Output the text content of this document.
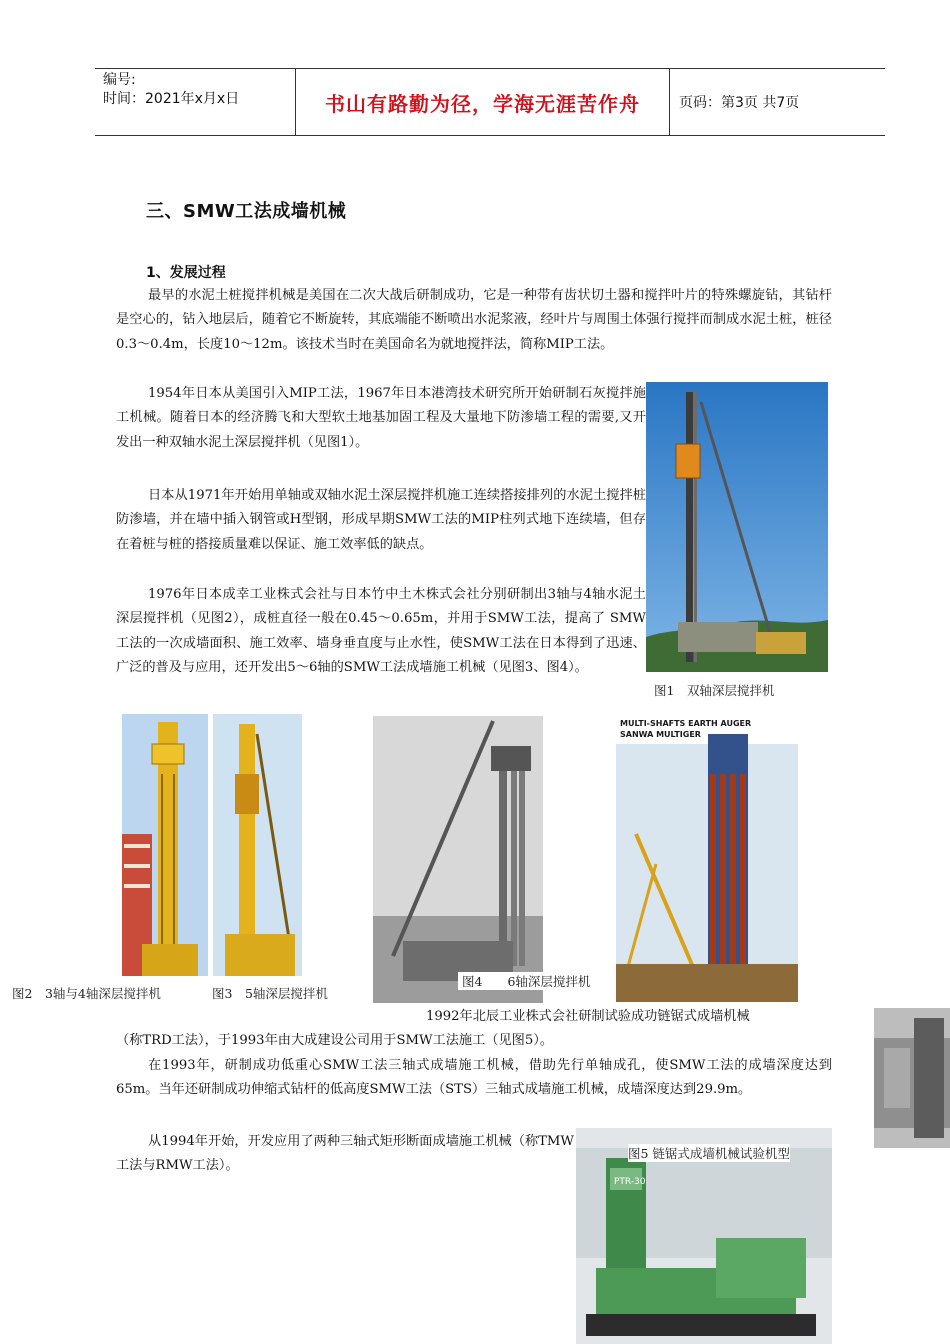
编号:
时间：2021年x月x日	书山有路勤为径，学海无涯苦作舟	页码：第3页 共7页
三、SMW工法成墙机械
1、发展过程
最早的水泥土桩搅拌机械是美国在二次大战后研制成功，它是一种带有齿状切土器和搅拌叶片的特殊螺旋钻，其钻杆是空心的，钻入地层后，随着它不断旋转，其底端能不断喷出水泥浆液，经叶片与周围土体强行搅拌而制成水泥土桩，桩径0.3～0.4m，长度10～12m。该技术当时在美国命名为就地搅拌法，简称MIP工法。
1954年日本从美国引入MIP工法，1967年日本港湾技术研究所开始研制石灰搅拌施工机械。随着日本的经济腾飞和大型软土地基加固工程及大量地下防渗墙工程的需要,又开发出一种双轴水泥土深层搅拌机（见图1）。
日本从1971年开始用单轴或双轴水泥土深层搅拌机施工连续搭接排列的水泥土搅拌桩防渗墙，并在墙中插入钢管或H型钢，形成早期SMW工法的MIP柱列式地下连续墙，但存在着桩与桩的搭接质量难以保证、施工效率低的缺点。
1976年日本成幸工业株式会社与日本竹中土木株式会社分别研制出3轴与4轴水泥土深层搅拌机（见图2），成桩直径一般在0.45～0.65m，并用于SMW工法，提高了 SMW工法的一次成墙面积、施工效率、墙身垂直度与止水性，使SMW工法在日本得到了迅速、广泛的普及与应用，还开发出5～6轴的SMW工法成墙施工机械（见图3、图4）。
1992年北辰工业株式会社研制试验成功链锯式成墙机械
（称TRD工法），于1993年由大成建设公司用于SMW工法施工（见图5）。
在1993年，研制成功低重心SMW工法三轴式成墙施工机械，借助先行单轴成孔，使SMW工法的成墙深度达到65m。当年还研制成功伸缩式钻杆的低高度SMW工法（STS）三轴式成墙施工机械，成墙深度达到29.9m。
从1994年开始，开发应用了两种三轴式矩形断面成墙施工机械（称TMW工法与RMW工法）。
图1　双轴深层搅拌机
图2　3轴与4轴深层搅拌机	图3　5轴深层搅拌机
图4　　6轴深层搅拌机
MULTI-SHAFTS EARTH AUGER
SANWA MULTIGER
PTR-30
图5 链锯式成墙机械试验机型
